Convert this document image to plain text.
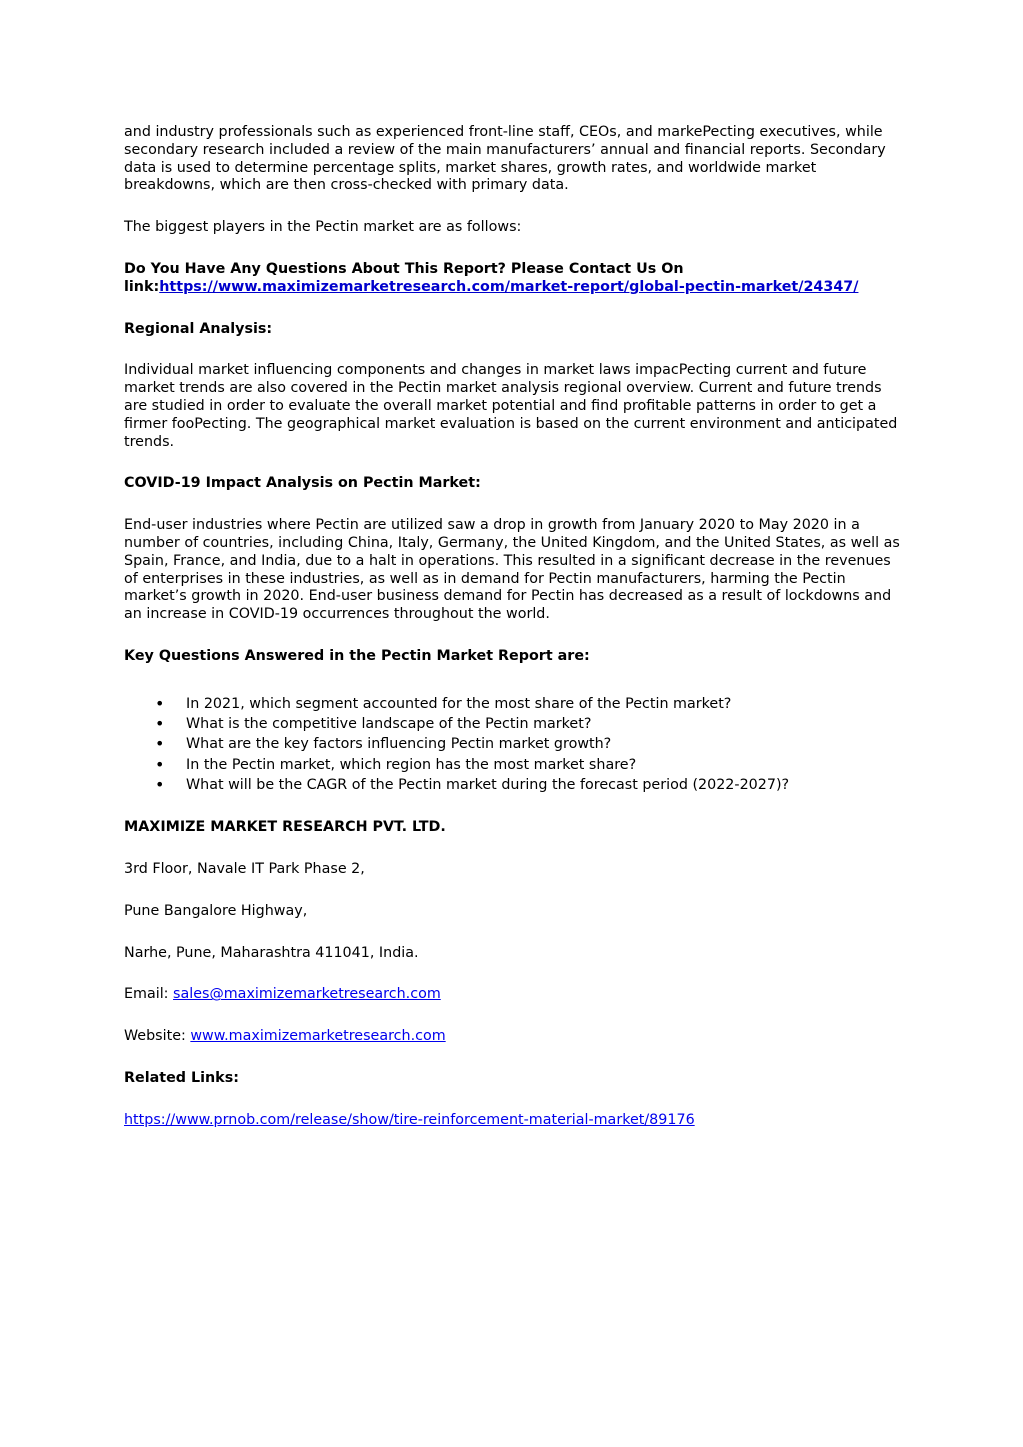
and industry professionals such as experienced front-line staff, CEOs, and markePecting executives, while secondary research included a review of the main manufacturers’ annual and financial reports. Secondary data is used to determine percentage splits, market shares, growth rates, and worldwide market breakdowns, which are then cross-checked with primary data.

The biggest players in the Pectin market are as follows:

Do You Have Any Questions About This Report? Please Contact Us On link:https://www.maximizemarketresearch.com/market-report/global-pectin-market/24347/

Regional Analysis:

Individual market influencing components and changes in market laws impacPecting current and future market trends are also covered in the Pectin market analysis regional overview. Current and future trends are studied in order to evaluate the overall market potential and find profitable patterns in order to get a firmer fooPecting. The geographical market evaluation is based on the current environment and anticipated trends.

COVID-19 Impact Analysis on Pectin Market:

End-user industries where Pectin are utilized saw a drop in growth from January 2020 to May 2020 in a number of countries, including China, Italy, Germany, the United Kingdom, and the United States, as well as Spain, France, and India, due to a halt in operations. This resulted in a significant decrease in the revenues of enterprises in these industries, as well as in demand for Pectin manufacturers, harming the Pectin market’s growth in 2020. End-user business demand for Pectin has decreased as a result of lockdowns and an increase in COVID-19 occurrences throughout the world.

Key Questions Answered in the Pectin Market Report are:

• In 2021, which segment accounted for the most share of the Pectin market?
• What is the competitive landscape of the Pectin market?
• What are the key factors influencing Pectin market growth?
• In the Pectin market, which region has the most market share?
• What will be the CAGR of the Pectin market during the forecast period (2022-2027)?

MAXIMIZE MARKET RESEARCH PVT. LTD.

3rd Floor, Navale IT Park Phase 2,

Pune Bangalore Highway,

Narhe, Pune, Maharashtra 411041, India.

Email: sales@maximizemarketresearch.com

Website: www.maximizemarketresearch.com

Related Links:

https://www.prnob.com/release/show/tire-reinforcement-material-market/89176
